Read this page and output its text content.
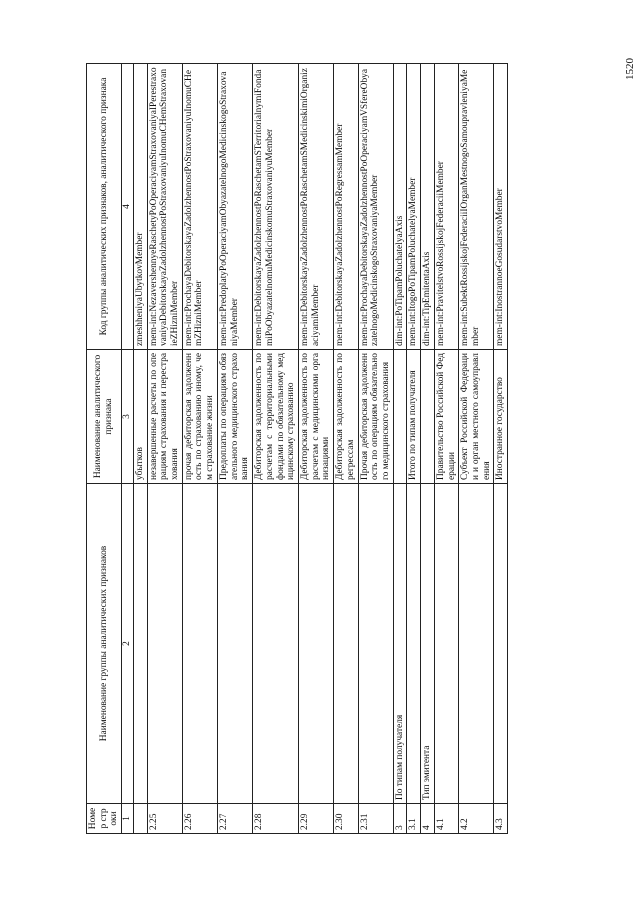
1520
Номер строки	Наименование группы аналитических признаков	Наименование аналитического признака	Код группы аналитических признаков, аналитического признака
1	2	3	4
		убытков	zmeshheniyaUbytkovMember
2.25		незавершенные расчеты по операциям страхования и перестрахования	mem-int:NezavershennyeRaschetyPoOperaciyamStraxovaniyaIPerestraxovaniyaDebitorskayaZadolzhennostPoStraxovaniyuInomuCHemStraxovanieZHizniMember
2.26		прочая дебиторская задолженность по страхованию иному, чем страхование жизни	mem-int:ProchayaDebitorskayaZadolzhennostPoStraxovaniyuInomuCHemZHizniMember
2.27		Предоплаты по операциям обязательного медицинского страхования	mem-int:PredoplatyPoOperaciyamObyazatelnogoMedicinskogoStraxovaniyaMember
2.28		Дебиторская задолженность по расчетам с территориальными фондами по обязательному медицинскому страхованию	mem-int:DebitorskayaZadolzhennostPoRaschetamSTerritorialnymiFondamiPoObyazatelnomuMedicinskomuStraxovaniyuMember
2.29		Дебиторская задолженность по расчетам с медицинскими организациями	mem-int:DebitorskayaZadolzhennostPoRaschetamSMedicinskimiOrganizaciyamiMember
2.30		Дебиторская задолженность по регрессам	mem-int:DebitorskayaZadolzhennostPoRegressamMember
2.31		Прочая дебиторская задолженность по операциям обязательного медицинского страхования	mem-int:ProchayaDebitorskayaZadolzhennostPoOperaciyamVSfereObyazatelnogoMedicinskogoStraxovaniyaMember
3	По типам получателя		dim-int:PoTipamPoluchatelyaAxis
3.1		Итого по типам получателя	mem-int:ItogoPoTipamPoluchatelyaMember
4	Тип эмитента		dim-int:TipEmitentaAxis
4.1		Правительство Российской Федерации	mem-int:PravitelstvoRossijskojFederaciiMember
4.2		Субъект Российской Федерации и орган местного самоуправления	mem-int:SubektRossijskojFederaciiIOrganMestnogoSamoupravleniyaMember
4.3		Иностранное государство	mem-int:InostrannoeGosudarstvoMember
